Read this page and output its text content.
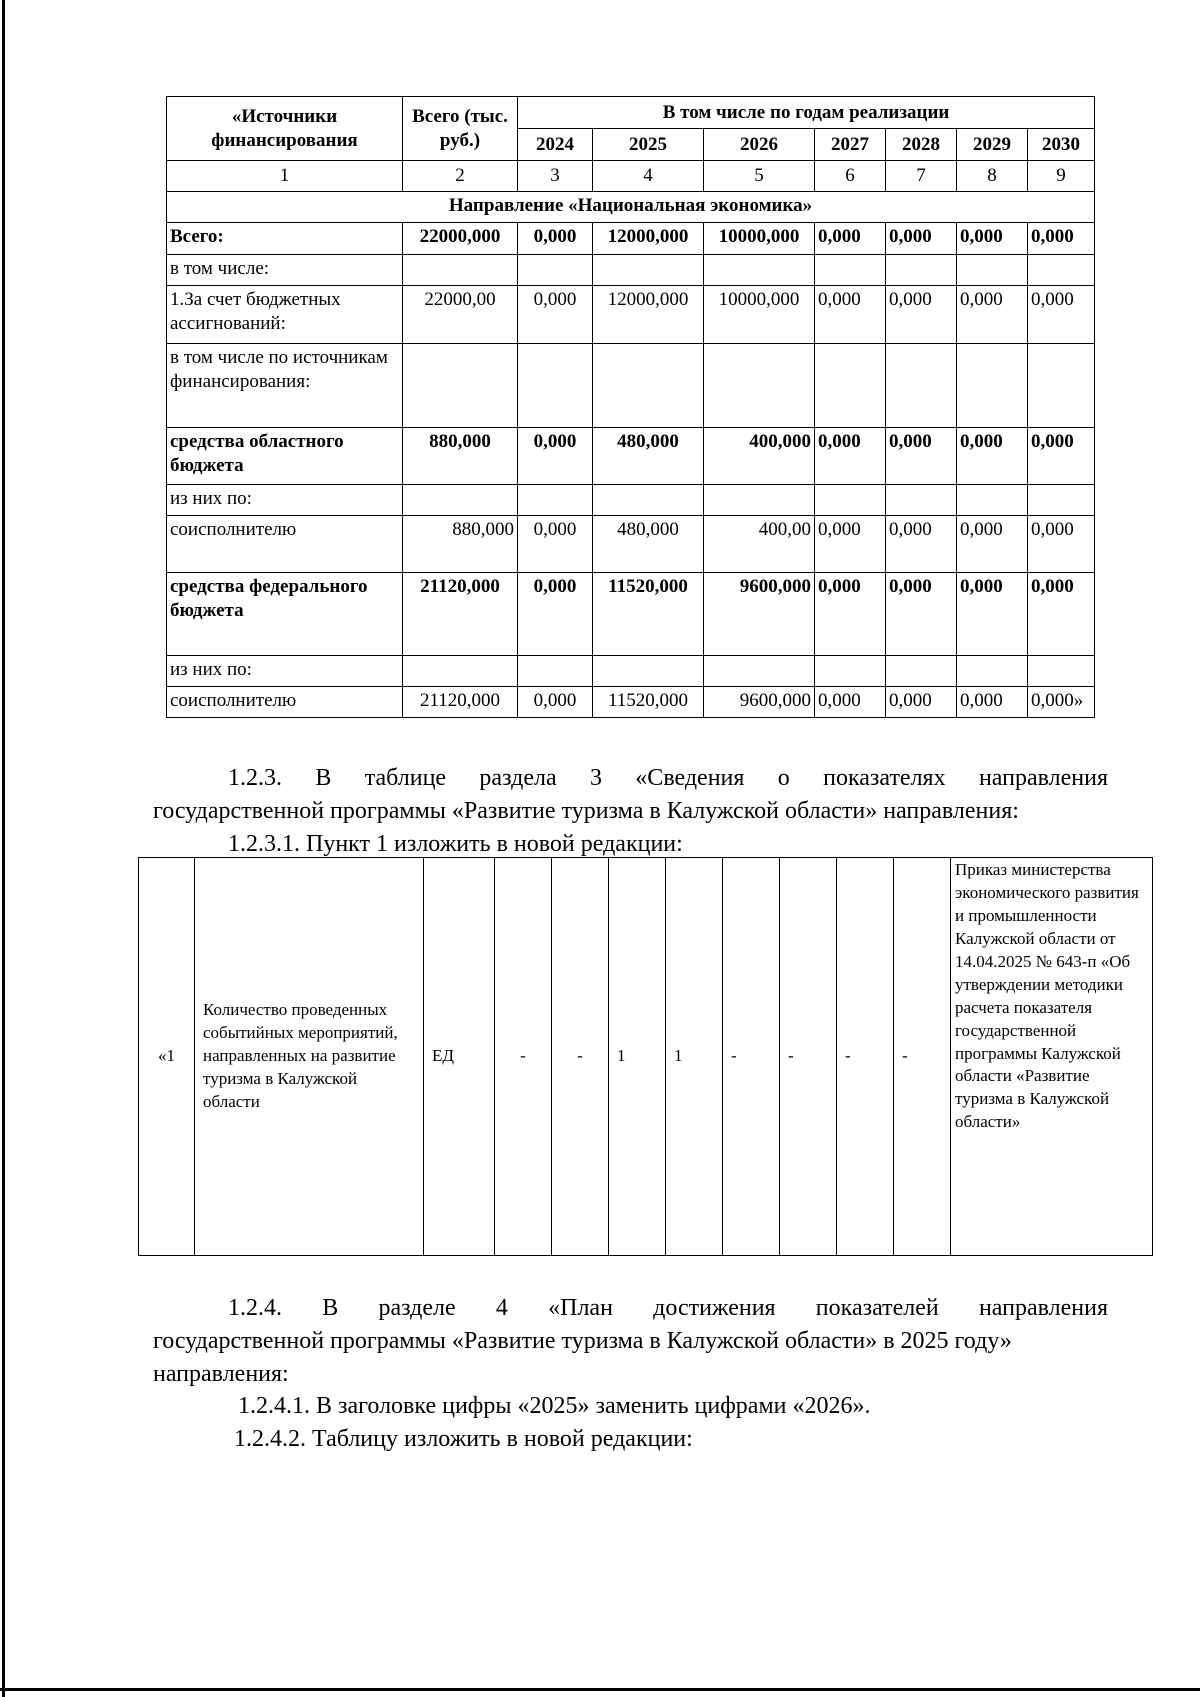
«Источники финансирования	Всего (тыс. руб.)	В том числе по годам реализации						
		2024	2025	2026	2027	2028	2029	2030
1	2	3	4	5	6	7	8	9
Направление «Национальная экономика»								
Всего:	22000,000	0,000	12000,000	10000,000	0,000	0,000	0,000	0,000
в том числе:								
1.За счет бюджетных ассигнований:	22000,00	0,000	12000,000	10000,000	0,000	0,000	0,000	0,000
в том числе по источникам финансирования:								
средства областного бюджета	880,000	0,000	480,000	400,000	0,000	0,000	0,000	0,000
из них по:								
соисполнителю	880,000	0,000	480,000	400,00	0,000	0,000	0,000	0,000
средства федерального бюджета	21120,000	0,000	11520,000	9600,000	0,000	0,000	0,000	0,000
из них по:								
соисполнителю	21120,000	0,000	11520,000	9600,000	0,000	0,000	0,000	0,000»
1.2.3. В таблице раздела 3 «Сведения о показателях направления
государственной программы «Развитие туризма в Калужской области» направления:
1.2.3.1. Пункт 1 изложить в новой редакции:
«1	Количество проведенных событийных мероприятий, направленных на развитие туризма в Калужской области	ЕД	-	-	1	1	-	-	-	-	Приказ министерства экономического развития и промышленности Калужской области от 14.04.2025 № 643-п «Об утверждении методики расчета показателя государственной программы Калужской области «Развитие туризма в Калужской области»
1.2.4. В разделе 4 «План достижения показателей направления
государственной программы «Развитие туризма в Калужской области» в 2025 году»
направления:
1.2.4.1. В заголовке цифры «2025» заменить цифрами «2026».
1.2.4.2. Таблицу изложить в новой редакции:
